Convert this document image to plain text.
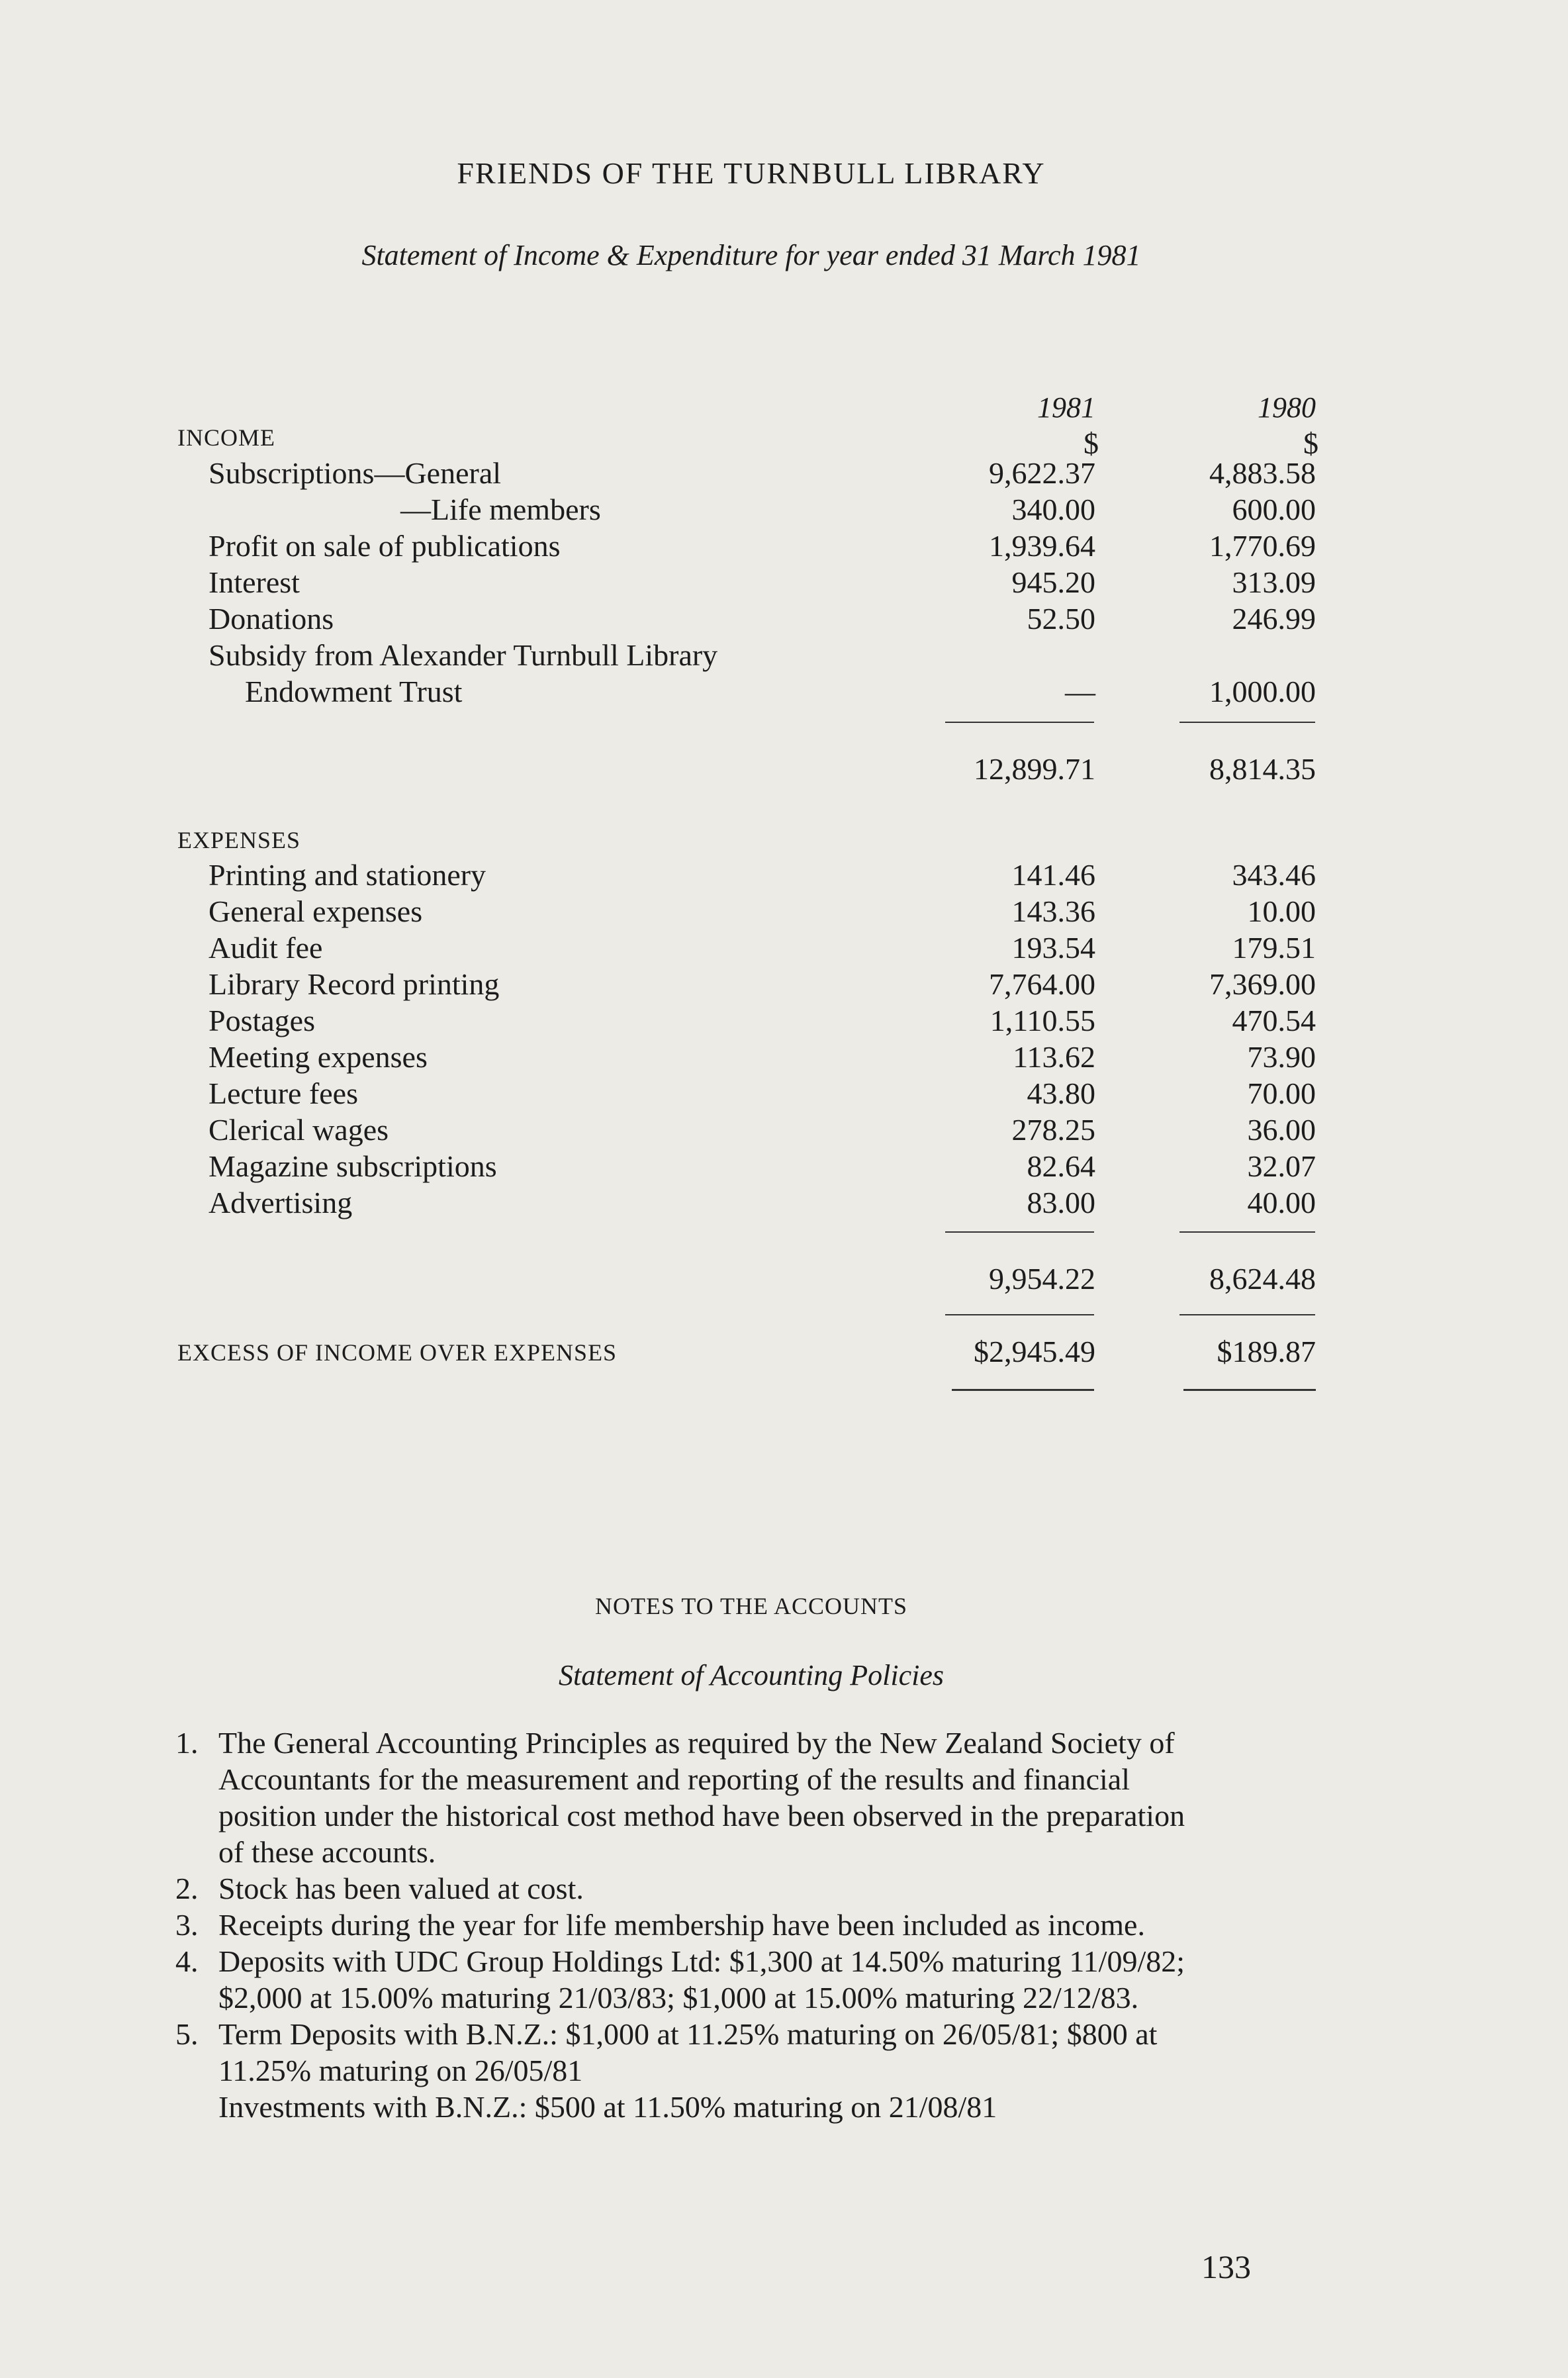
FRIENDS OF THE TURNBULL LIBRARY
Statement of Income & Expenditure for year ended 31 March 1981
1981	1980
$	$
INCOME
Subscriptions—General	9,622.37	4,883.58
—Life members	340.00	600.00
Profit on sale of publications	1,939.64	1,770.69
Interest	945.20	313.09
Donations	52.50	246.99
Subsidy from Alexander Turnbull Library
Endowment Trust	—	1,000.00
12,899.71	8,814.35
EXPENSES
Printing and stationery	141.46	343.46
General expenses	143.36	10.00
Audit fee	193.54	179.51
Library Record printing	7,764.00	7,369.00
Postages	1,110.55	470.54
Meeting expenses	113.62	73.90
Lecture fees	43.80	70.00
Clerical wages	278.25	36.00
Magazine subscriptions	82.64	32.07
Advertising	83.00	40.00
9,954.22	8,624.48
EXCESS OF INCOME OVER EXPENSES	$2,945.49	$189.87
NOTES TO THE ACCOUNTS
Statement of Accounting Policies
1. The General Accounting Principles as required by the New Zealand Society of
Accountants for the measurement and reporting of the results and financial
position under the historical cost method have been observed in the preparation
of these accounts.
2. Stock has been valued at cost.
3. Receipts during the year for life membership have been included as income.
4. Deposits with UDC Group Holdings Ltd: $1,300 at 14.50% maturing 11/09/82;
$2,000 at 15.00% maturing 21/03/83; $1,000 at 15.00% maturing 22/12/83.
5. Term Deposits with B.N.Z.: $1,000 at 11.25% maturing on 26/05/81; $800 at
11.25% maturing on 26/05/81
Investments with B.N.Z.: $500 at 11.50% maturing on 21/08/81
133
